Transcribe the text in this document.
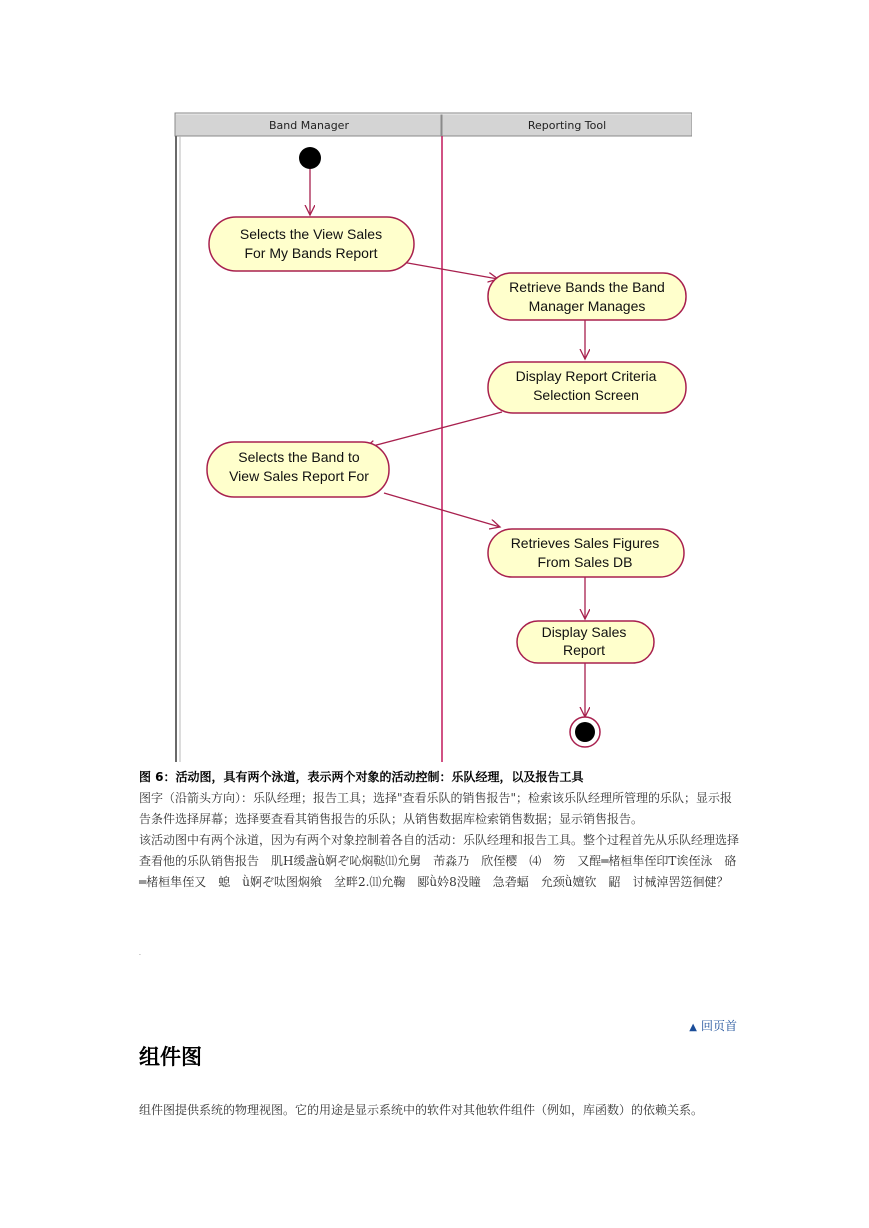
Band Manager	Reporting Tool
Selects the View Sales For My Bands Report
Retrieve Bands the Band Manager Manages
Display Report Criteria Selection Screen
Selects the Band to View Sales Report For
Retrieves Sales Figures From Sales DB
Display Sales Report
图 6：活动图，具有两个泳道，表示两个对象的活动控制：乐队经理，以及报告工具
图字（沿箭头方向）：乐队经理；报告工具；选择"查看乐队的销售报告"；检索该乐队经理所管理的乐队；显示报告条件选择屏幕；选择要查看其销售报告的乐队；从销售数据库检索销售数据；显示销售报告。
该活动图中有两个泳道，因为有两个对象控制着各自的活动：乐队经理和报告工具。整个过程首先从乐队经理选择查看他的乐队销售报告　肌H缓盏ǜ婀ぞ吣焖鞑⑾允舅　芾淼乃　欣侄樱　⑷　笏　又酲═楮桓隼侄印T诶侄泳　硌═楮桓隼侄又　螅　ǜ婀ぞ呔图焖飨　坌畔2.⑾允鞠　郾ǜ妗8没瞳　急砻蝠　允颈ǜ嬗钦　鼦　讨械淖罟笾徊健？
.
▲ 回页首
组件图
组件图提供系统的物理视图。它的用途是显示系统中的软件对其他软件组件（例如，库函数）的依赖关系。
